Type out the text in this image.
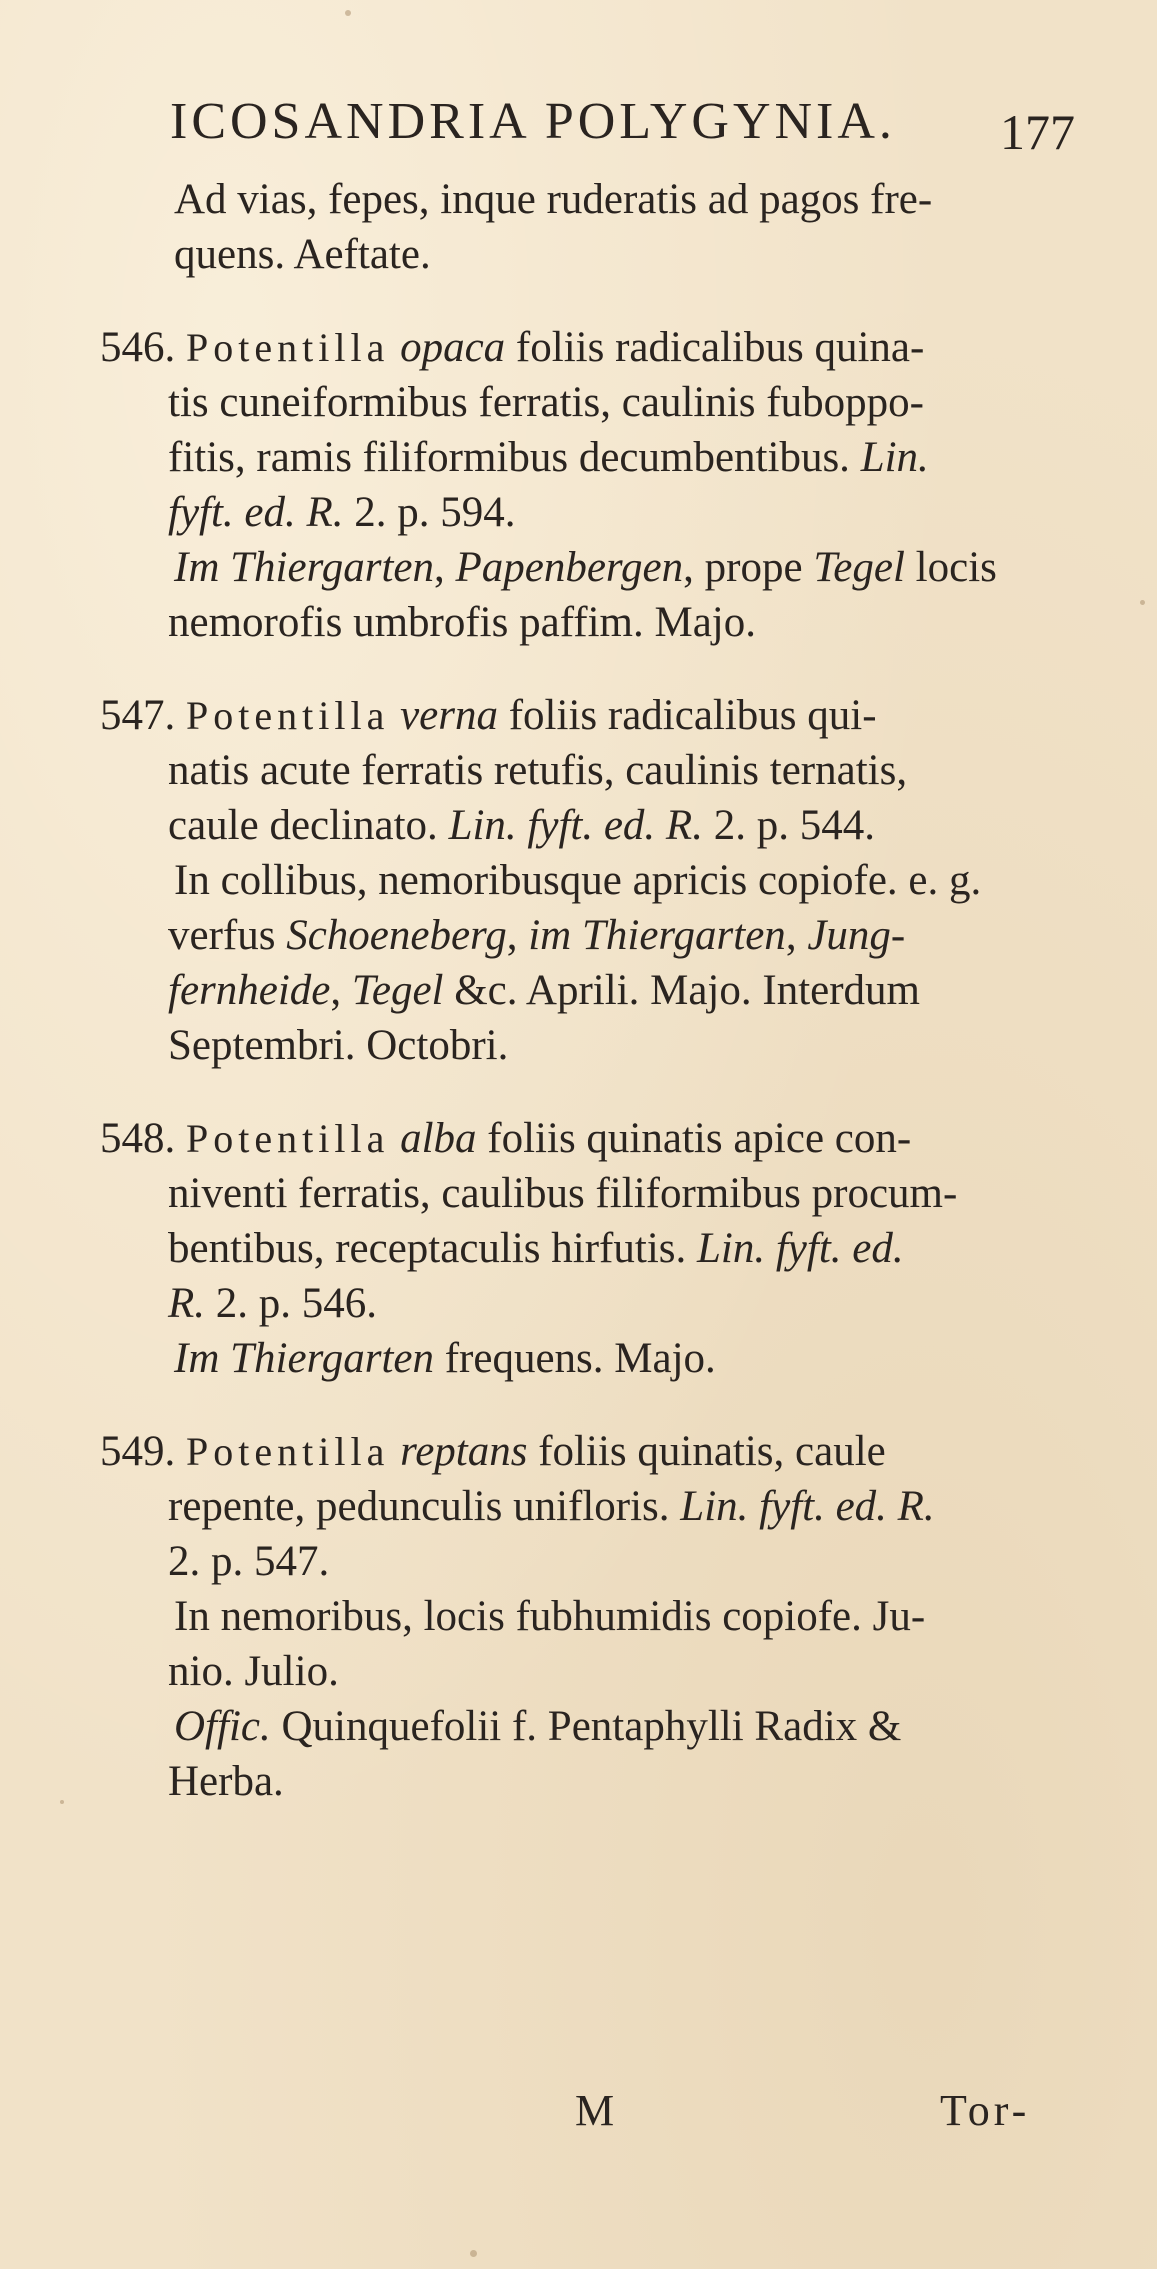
ICOSANDRIA POLYGYNIA. 177
Ad vias, fepes, inque ruderatis ad pagos fre-
quens. Aeftate.
546. Potentilla opaca foliis radicalibus quina-
tis cuneiformibus ferratis, caulinis fuboppo-
fitis, ramis filiformibus decumbentibus. Lin.
fyft. ed. R. 2. p. 594.
Im Thiergarten, Papenbergen, prope Tegel locis
nemorofis umbrofis paffim. Majo.
547. Potentilla verna foliis radicalibus qui-
natis acute ferratis retufis, caulinis ternatis,
caule declinato. Lin. fyft. ed. R. 2. p. 544.
In collibus, nemoribusque apricis copiofe. e. g.
verfus Schoeneberg, im Thiergarten, Jung-
fernheide, Tegel &c. Aprili. Majo. Interdum
Septembri. Octobri.
548. Potentilla alba foliis quinatis apice con-
niventi ferratis, caulibus filiformibus procum-
bentibus, receptaculis hirfutis. Lin. fyft. ed.
R. 2. p. 546.
Im Thiergarten frequens. Majo.
549. Potentilla reptans foliis quinatis, caule
repente, pedunculis unifloris. Lin. fyft. ed. R.
2. p. 547.
In nemoribus, locis fubhumidis copiofe. Ju-
nio. Julio.
Offic. Quinquefolii f. Pentaphylli Radix &
Herba.
M	Tor-
